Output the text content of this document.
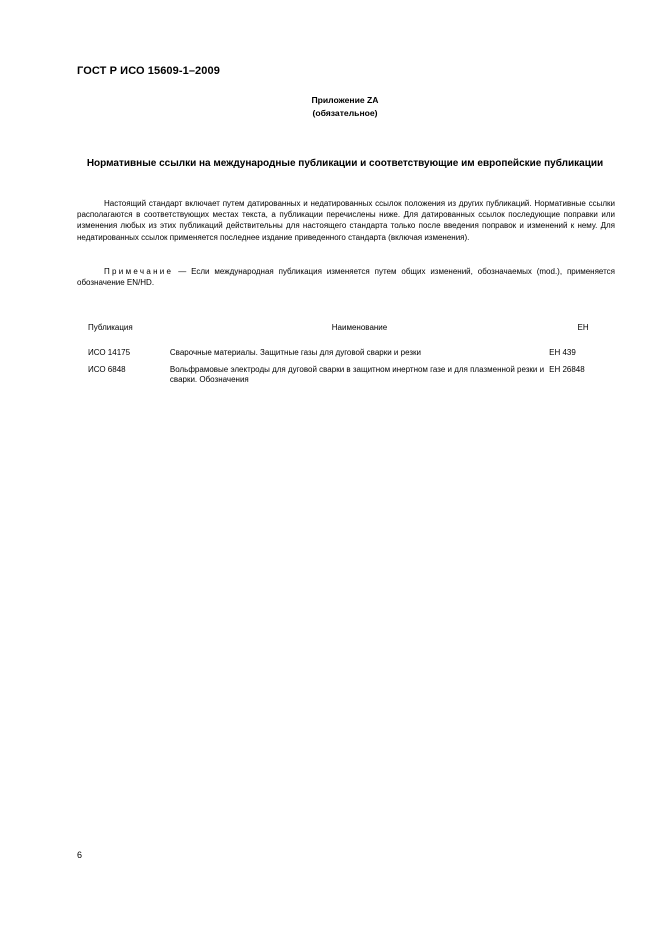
ГОСТ Р ИСО 15609-1–2009
Приложение ZA
(обязательное)
Нормативные ссылки на международные публикации и соответствующие им европейские публикации

Настоящий стандарт включает путем датированных и недатированных ссылок положения из других публикаций. Нормативные ссылки располагаются в соответствующих местах текста, а публикации перечислены ниже. Для датированных ссылок последующие поправки или изменения любых из этих публикаций действительны для настоящего стандарта только после введения поправок и изменений к нему. Для недатированных ссылок применяется последнее издание приведенного стандарта (включая изменения).

Примечание — Если международная публикация изменяется путем общих изменений, обозначаемых (mod.), применяется обозначение EN/HD.

Публикация	Наименование	ЕН
ИСО 14175	Сварочные материалы. Защитные газы для дуговой сварки и резки	ЕН 439
ИСО 6848	Вольфрамовые электроды для дуговой сварки в защитном инертном газе и для плазменной резки и сварки. Обозначения	ЕН 26848
6
